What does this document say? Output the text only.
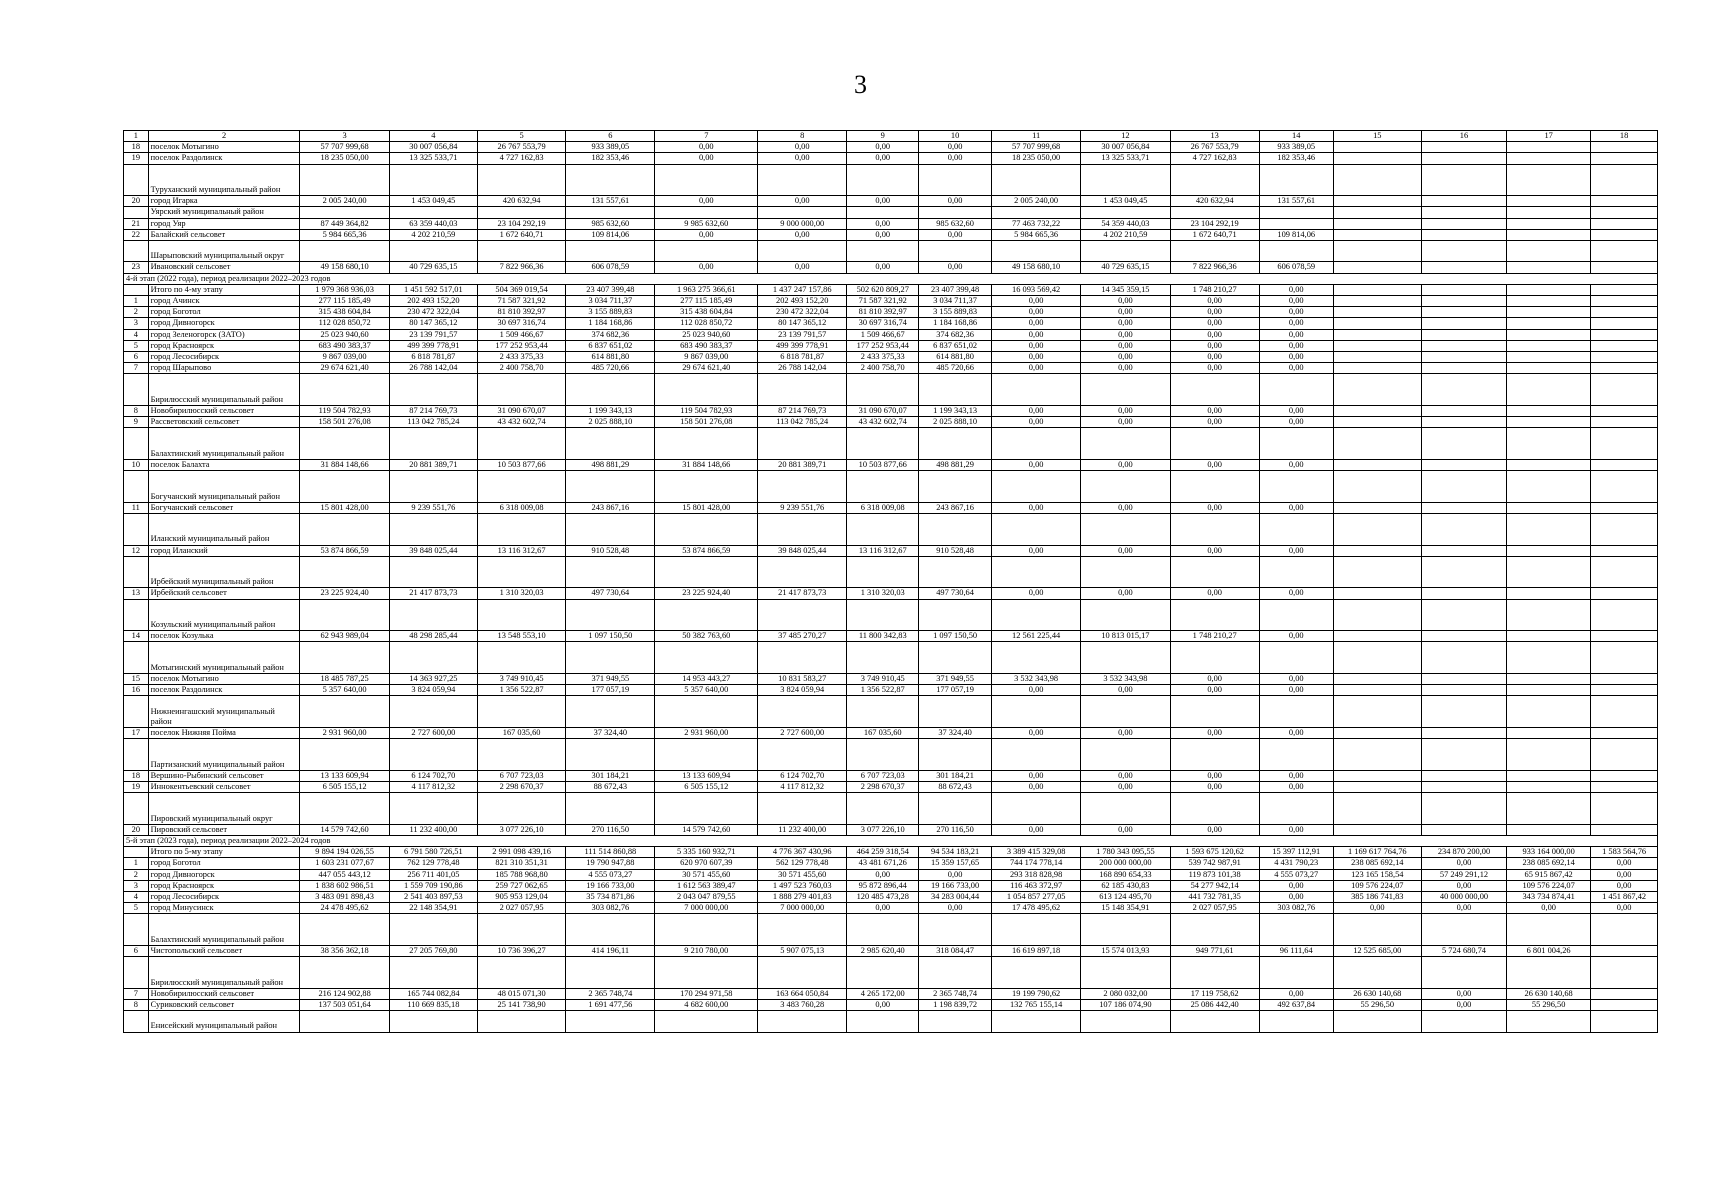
3
1	2	3	4	5	6	7	8	9	10	11	12	13	14	15	16	17	18
18	поселок Мотыгино	57 707 999,68	30 007 056,84	26 767 553,79	933 389,05	0,00	0,00	0,00	0,00	57 707 999,68	30 007 056,84	26 767 553,79	933 389,05				
19	поселок Раздолинск	18 235 050,00	13 325 533,71	4 727 162,83	182 353,46	0,00	0,00	0,00	0,00	18 235 050,00	13 325 533,71	4 727 162,83	182 353,46				
	Туруханский муниципальный район																
20	город Игарка	2 005 240,00	1 453 049,45	420 632,94	131 557,61	0,00	0,00	0,00	0,00	2 005 240,00	1 453 049,45	420 632,94	131 557,61				
	Уярский муниципальный район																
21	город Уяр	87 449 364,82	63 359 440,03	23 104 292,19	985 632,60	9 985 632,60	9 000 000,00	0,00	985 632,60	77 463 732,22	54 359 440,03	23 104 292,19					
22	Балайский сельсовет	5 984 665,36	4 202 210,59	1 672 640,71	109 814,06	0,00	0,00	0,00	0,00	5 984 665,36	4 202 210,59	1 672 640,71	109 814,06				
	Шарыповский муниципальный округ																
23	Ивановский сельсовет	49 158 680,10	40 729 635,15	7 822 966,36	606 078,59	0,00	0,00	0,00	0,00	49 158 680,10	40 729 635,15	7 822 966,36	606 078,59				
4-й этап (2022 года), период реализации 2022–2023 годов																	
	Итого по 4-му этапу	1 979 368 936,03	1 451 592 517,01	504 369 019,54	23 407 399,48	1 963 275 366,61	1 437 247 157,86	502 620 809,27	23 407 399,48	16 093 569,42	14 345 359,15	1 748 210,27	0,00				
1	город Ачинск	277 115 185,49	202 493 152,20	71 587 321,92	3 034 711,37	277 115 185,49	202 493 152,20	71 587 321,92	3 034 711,37	0,00	0,00	0,00	0,00				
2	город Боготол	315 438 604,84	230 472 322,04	81 810 392,97	3 155 889,83	315 438 604,84	230 472 322,04	81 810 392,97	3 155 889,83	0,00	0,00	0,00	0,00				
3	город Дивногорск	112 028 850,72	80 147 365,12	30 697 316,74	1 184 168,86	112 028 850,72	80 147 365,12	30 697 316,74	1 184 168,86	0,00	0,00	0,00	0,00				
4	город Зеленогорск (ЗАТО)	25 023 940,60	23 139 791,57	1 509 466,67	374 682,36	25 023 940,60	23 139 791,57	1 509 466,67	374 682,36	0,00	0,00	0,00	0,00				
5	город Красноярск	683 490 383,37	499 399 778,91	177 252 953,44	6 837 651,02	683 490 383,37	499 399 778,91	177 252 953,44	6 837 651,02	0,00	0,00	0,00	0,00				
6	город Лесосибирск	9 867 039,00	6 818 781,87	2 433 375,33	614 881,80	9 867 039,00	6 818 781,87	2 433 375,33	614 881,80	0,00	0,00	0,00	0,00				
7	город Шарыпово	29 674 621,40	26 788 142,04	2 400 758,70	485 720,66	29 674 621,40	26 788 142,04	2 400 758,70	485 720,66	0,00	0,00	0,00	0,00				
	Бирилюсский муниципальный район																
8	Новобирилюсский сельсовет	119 504 782,93	87 214 769,73	31 090 670,07	1 199 343,13	119 504 782,93	87 214 769,73	31 090 670,07	1 199 343,13	0,00	0,00	0,00	0,00				
9	Рассветовский сельсовет	158 501 276,08	113 042 785,24	43 432 602,74	2 025 888,10	158 501 276,08	113 042 785,24	43 432 602,74	2 025 888,10	0,00	0,00	0,00	0,00				
	Балахтинский муниципальный район																
10	поселок Балахта	31 884 148,66	20 881 389,71	10 503 877,66	498 881,29	31 884 148,66	20 881 389,71	10 503 877,66	498 881,29	0,00	0,00	0,00	0,00				
	Богучанский муниципальный район																
11	Богучанский сельсовет	15 801 428,00	9 239 551,76	6 318 009,08	243 867,16	15 801 428,00	9 239 551,76	6 318 009,08	243 867,16	0,00	0,00	0,00	0,00				
	Иланский муниципальный район																
12	город Иланский	53 874 866,59	39 848 025,44	13 116 312,67	910 528,48	53 874 866,59	39 848 025,44	13 116 312,67	910 528,48	0,00	0,00	0,00	0,00				
	Ирбейский муниципальный район																
13	Ирбейский сельсовет	23 225 924,40	21 417 873,73	1 310 320,03	497 730,64	23 225 924,40	21 417 873,73	1 310 320,03	497 730,64	0,00	0,00	0,00	0,00				
	Козульский муниципальный район																
14	поселок Козулька	62 943 989,04	48 298 285,44	13 548 553,10	1 097 150,50	50 382 763,60	37 485 270,27	11 800 342,83	1 097 150,50	12 561 225,44	10 813 015,17	1 748 210,27	0,00				
	Мотыгинский муниципальный район																
15	поселок Мотыгино	18 485 787,25	14 363 927,25	3 749 910,45	371 949,55	14 953 443,27	10 831 583,27	3 749 910,45	371 949,55	3 532 343,98	3 532 343,98	0,00	0,00				
16	поселок Раздолинск	5 357 640,00	3 824 059,94	1 356 522,87	177 057,19	5 357 640,00	3 824 059,94	1 356 522,87	177 057,19	0,00	0,00	0,00	0,00				
	Нижнеингашский муниципальный район																
17	поселок Нижняя Пойма	2 931 960,00	2 727 600,00	167 035,60	37 324,40	2 931 960,00	2 727 600,00	167 035,60	37 324,40	0,00	0,00	0,00	0,00				
	Партизанский муниципальный район																
18	Вершино-Рыбинский сельсовет	13 133 609,94	6 124 702,70	6 707 723,03	301 184,21	13 133 609,94	6 124 702,70	6 707 723,03	301 184,21	0,00	0,00	0,00	0,00				
19	Иннокентьевский сельсовет	6 505 155,12	4 117 812,32	2 298 670,37	88 672,43	6 505 155,12	4 117 812,32	2 298 670,37	88 672,43	0,00	0,00	0,00	0,00				
	Пировский муниципальный округ																
20	Пировский сельсовет	14 579 742,60	11 232 400,00	3 077 226,10	270 116,50	14 579 742,60	11 232 400,00	3 077 226,10	270 116,50	0,00	0,00	0,00	0,00				
5-й этап (2023 года), период реализации 2022–2024 годов																	
	Итого по 5-му этапу	9 894 194 026,55	6 791 580 726,51	2 991 098 439,16	111 514 860,88	5 335 160 932,71	4 776 367 430,96	464 259 318,54	94 534 183,21	3 389 415 329,08	1 780 343 095,55	1 593 675 120,62	15 397 112,91	1 169 617 764,76	234 870 200,00	933 164 000,00	1 583 564,76
1	город Боготол	1 603 231 077,67	762 129 778,48	821 310 351,31	19 790 947,88	620 970 607,39	562 129 778,48	43 481 671,26	15 359 157,65	744 174 778,14	200 000 000,00	539 742 987,91	4 431 790,23	238 085 692,14	0,00	238 085 692,14	0,00
2	город Дивногорск	447 055 443,12	256 711 401,05	185 788 968,80	4 555 073,27	30 571 455,60	30 571 455,60	0,00	0,00	293 318 828,98	168 890 654,33	119 873 101,38	4 555 073,27	123 165 158,54	57 249 291,12	65 915 867,42	0,00
3	город Красноярск	1 838 602 986,51	1 559 709 190,86	259 727 062,65	19 166 733,00	1 612 563 389,47	1 497 523 760,03	95 872 896,44	19 166 733,00	116 463 372,97	62 185 430,83	54 277 942,14	0,00	109 576 224,07	0,00	109 576 224,07	0,00
4	город Лесосибирск	3 483 091 898,43	2 541 403 897,53	905 953 129,04	35 734 871,86	2 043 047 879,55	1 888 279 401,83	120 485 473,28	34 283 004,44	1 054 857 277,05	613 124 495,70	441 732 781,35	0,00	385 186 741,83	40 000 000,00	343 734 874,41	1 451 867,42
5	город Минусинск	24 478 495,62	22 148 354,91	2 027 057,95	303 082,76	7 000 000,00	7 000 000,00	0,00	0,00	17 478 495,62	15 148 354,91	2 027 057,95	303 082,76	0,00	0,00	0,00	0,00
	Балахтинский муниципальный район																
6	Чистопольский сельсовет	38 356 362,18	27 205 769,80	10 736 396,27	414 196,11	9 210 780,00	5 907 075,13	2 985 620,40	318 084,47	16 619 897,18	15 574 013,93	949 771,61	96 111,64	12 525 685,00	5 724 680,74	6 801 004,26	
	Бирилюсский муниципальный район																
7	Новобирилюсский сельсовет	216 124 902,88	165 744 082,84	48 015 071,30	2 365 748,74	170 294 971,58	163 664 050,84	4 265 172,00	2 365 748,74	19 199 790,62	2 080 032,00	17 119 758,62	0,00	26 630 140,68	0,00	26 630 140,68	
8	Суриковский сельсовет	137 503 051,64	110 669 835,18	25 141 738,90	1 691 477,56	4 682 600,00	3 483 760,28	0,00	1 198 839,72	132 765 155,14	107 186 074,90	25 086 442,40	492 637,84	55 296,50	0,00	55 296,50	
	Енисейский муниципальный район																
